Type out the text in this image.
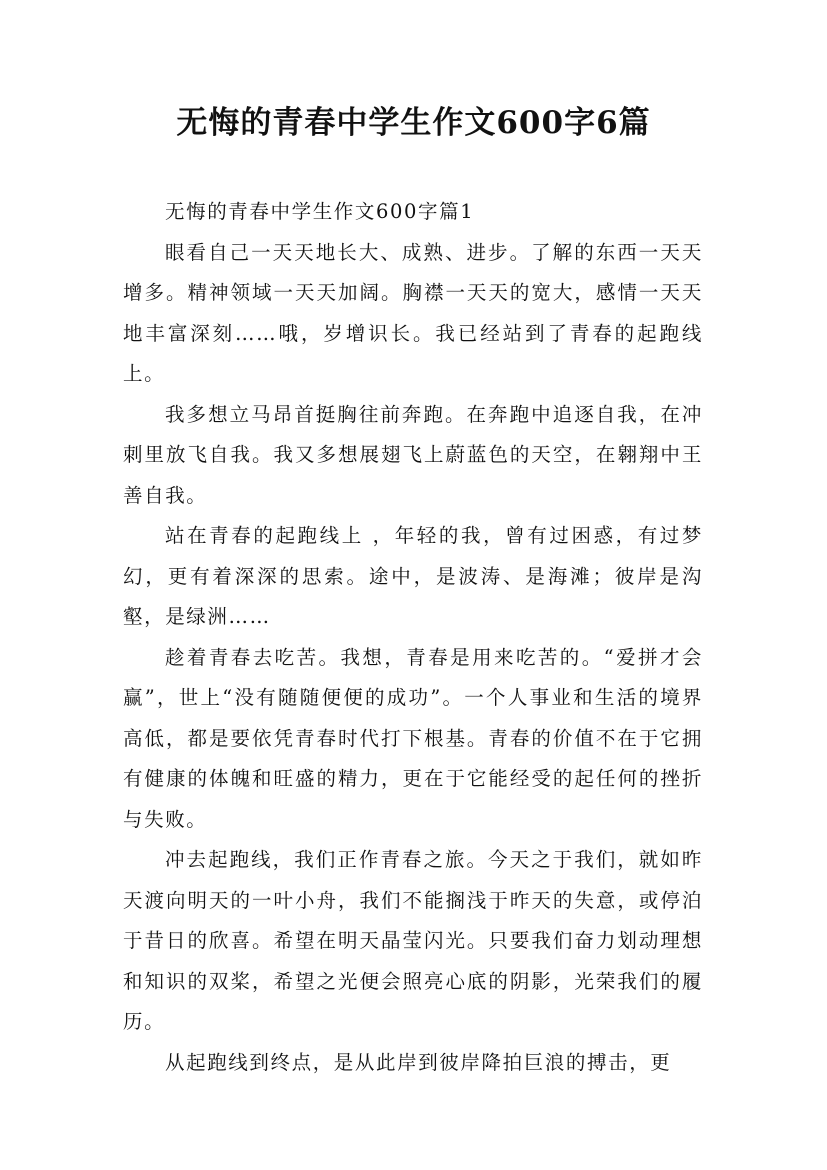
无悔的青春中学生作文600字6篇

无悔的青春中学生作文600字篇1

眼看自己一天天地长大、成熟、进步。了解的东西一天天增多。精神领域一天天加阔。胸襟一天天的宽大，感情一天天地丰富深刻……哦，岁增识长。我已经站到了青春的起跑线上。

我多想立马昂首挺胸往前奔跑。在奔跑中追逐自我，在冲刺里放飞自我。我又多想展翅飞上蔚蓝色的天空，在翱翔中王善自我。

站在青春的起跑线上 ，年轻的我，曾有过困惑，有过梦幻，更有着深深的思索。途中，是波涛、是海滩；彼岸是沟壑，是绿洲……

趁着青春去吃苦。我想，青春是用来吃苦的。“爱拼才会赢”，世上“没有随随便便的成功”。一个人事业和生活的境界高低，都是要依凭青春时代打下根基。青春的价值不在于它拥有健康的体魄和旺盛的精力，更在于它能经受的起任何的挫折与失败。

冲去起跑线，我们正作青春之旅。今天之于我们，就如昨天渡向明天的一叶小舟，我们不能搁浅于昨天的失意，或停泊于昔日的欣喜。希望在明天晶莹闪光。只要我们奋力划动理想和知识的双桨，希望之光便会照亮心底的阴影，光荣我们的履历。

从起跑线到终点，是从此岸到彼岸降拍巨浪的搏击，更
